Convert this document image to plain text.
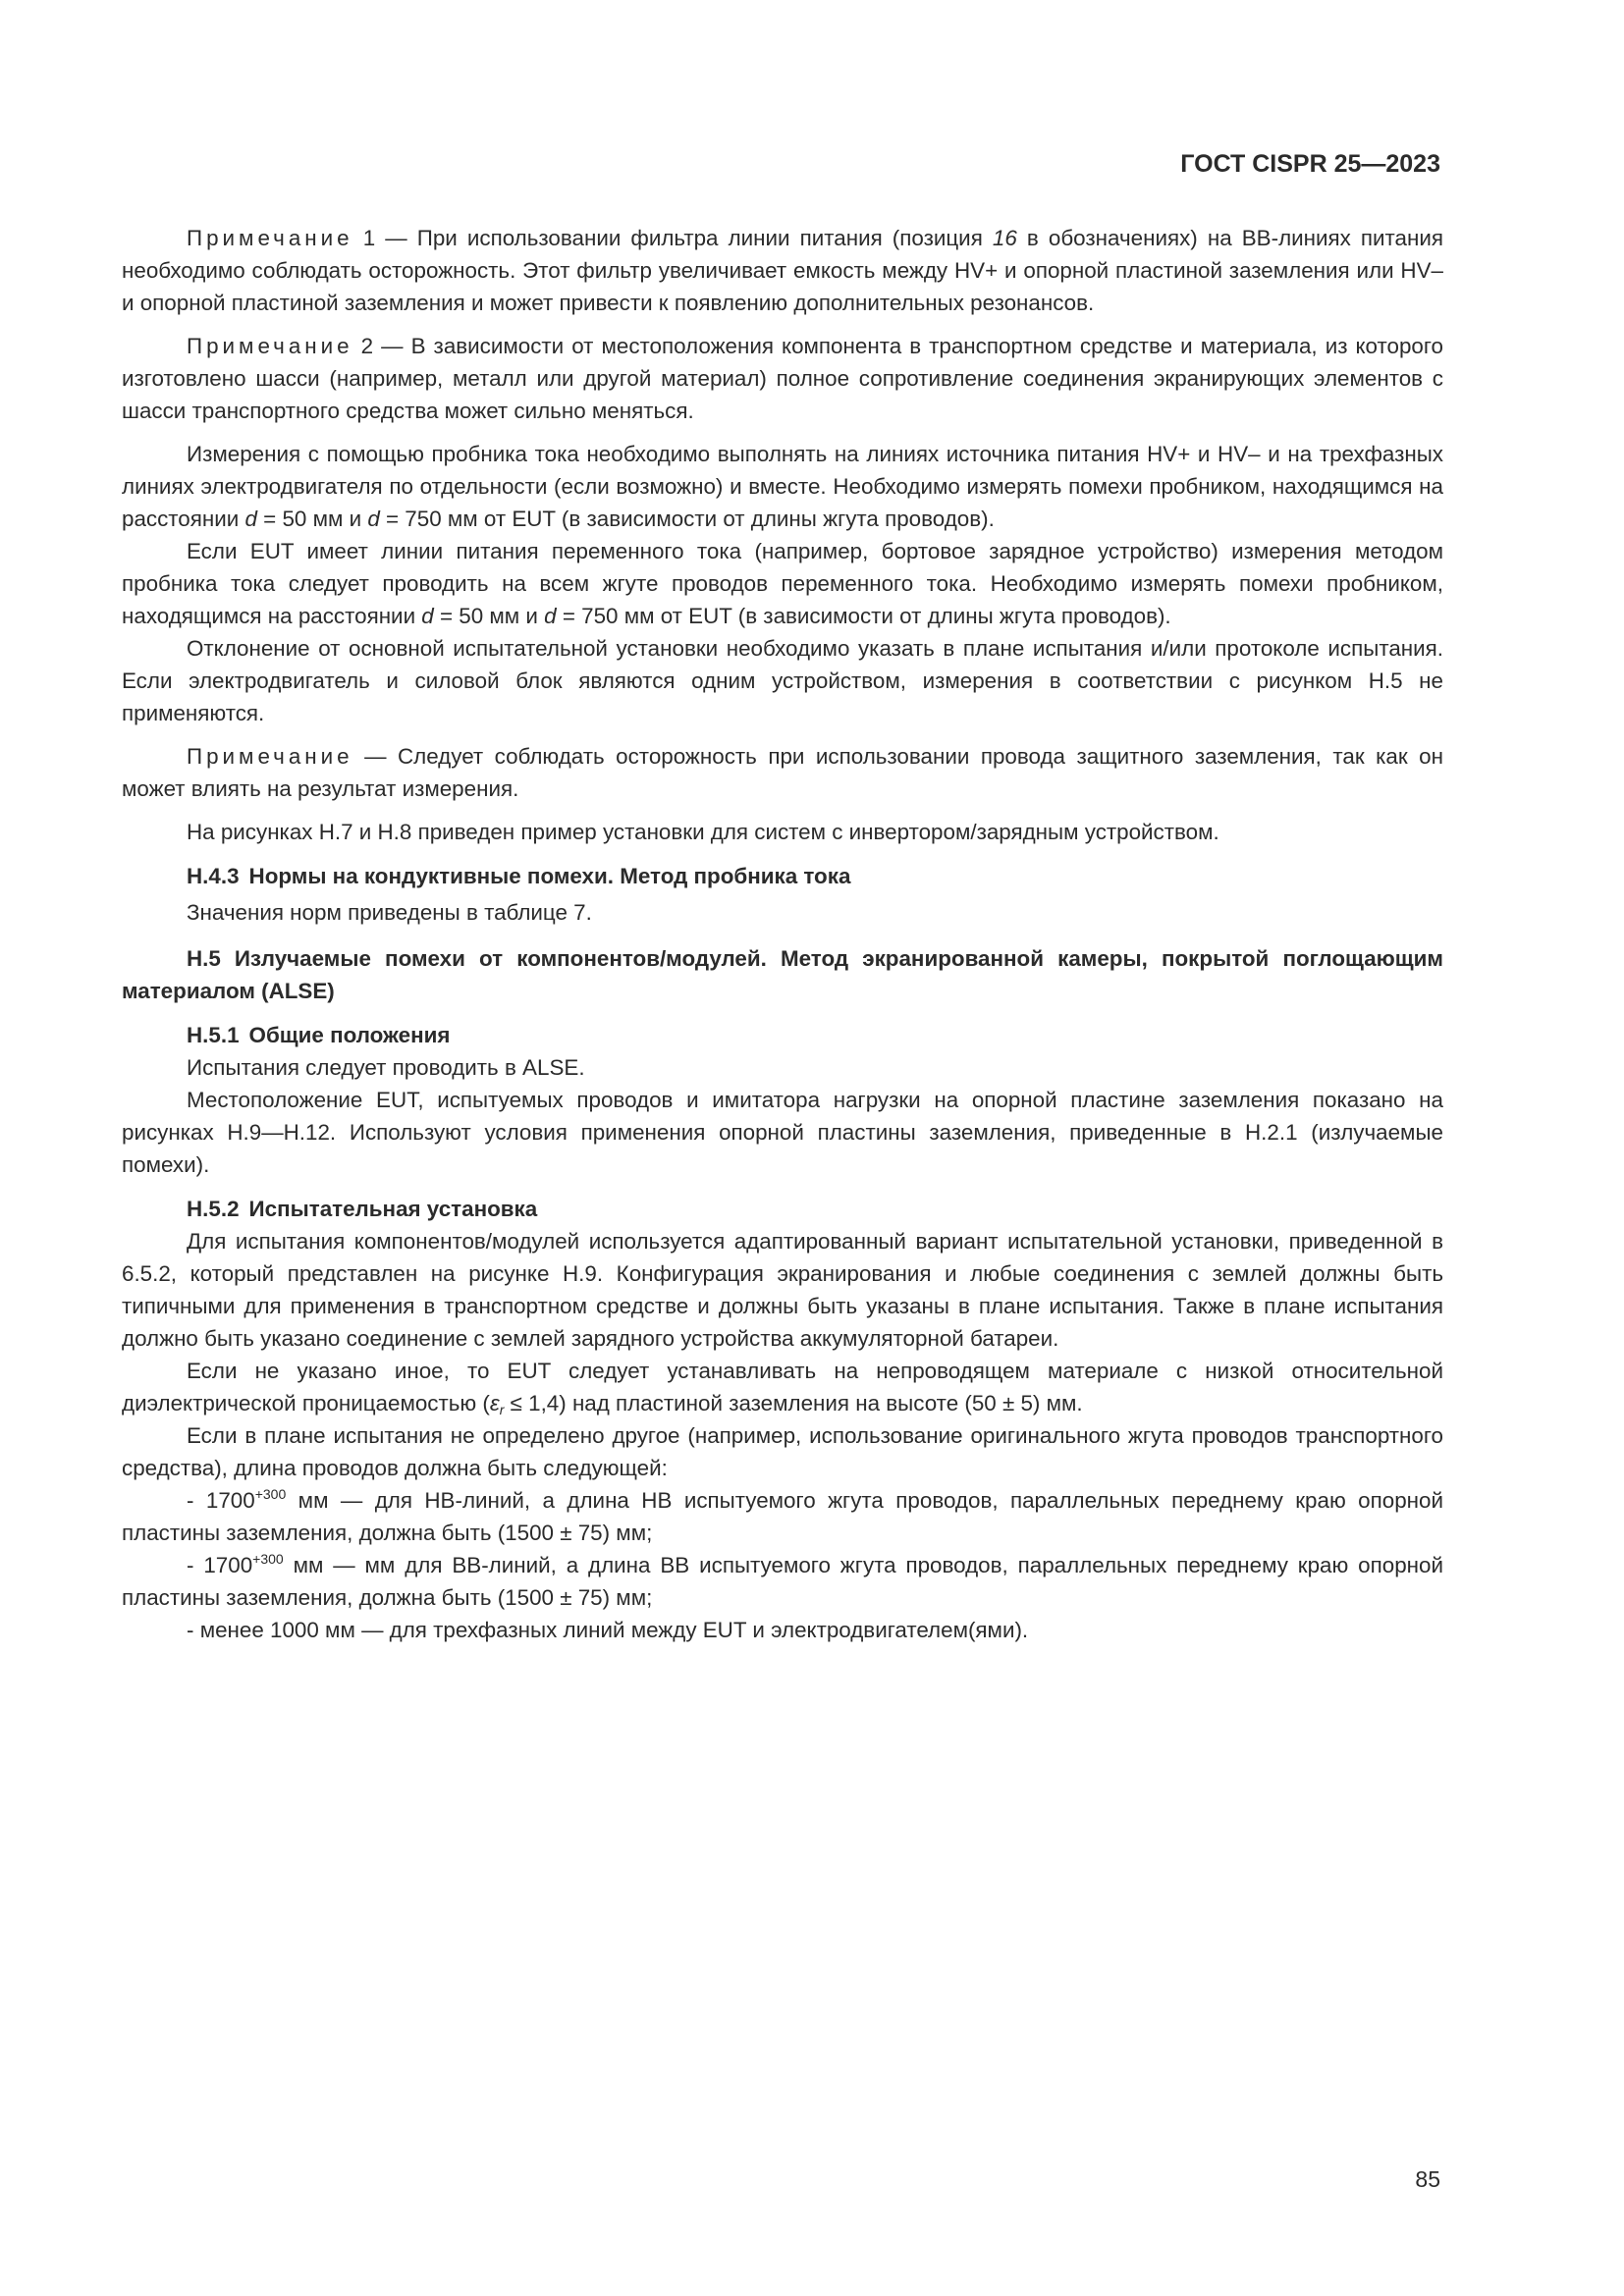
ГОСТ CISPR 25—2023

Примечание 1 — При использовании фильтра линии питания (позиция 16 в обозначениях) на ВВ-линиях питания необходимо соблюдать осторожность. Этот фильтр увеличивает емкость между HV+ и опорной пластиной заземления или HV– и опорной пластиной заземления и может привести к появлению дополнительных резонансов.

Примечание 2 — В зависимости от местоположения компонента в транспортном средстве и материала, из которого изготовлено шасси (например, металл или другой материал) полное сопротивление соединения экранирующих элементов с шасси транспортного средства может сильно меняться.

Измерения с помощью пробника тока необходимо выполнять на линиях источника питания HV+ и HV– и на трехфазных линиях электродвигателя по отдельности (если возможно) и вместе. Необходимо измерять помехи пробником, находящимся на расстоянии d = 50 мм и d = 750 мм от EUT (в зависимости от длины жгута проводов).

Если EUT имеет линии питания переменного тока (например, бортовое зарядное устройство) измерения методом пробника тока следует проводить на всем жгуте проводов переменного тока. Необходимо измерять помехи пробником, находящимся на расстоянии d = 50 мм и d = 750 мм от EUT (в зависимости от длины жгута проводов).

Отклонение от основной испытательной установки необходимо указать в плане испытания и/или протоколе испытания. Если электродвигатель и силовой блок являются одним устройством, измерения в соответствии с рисунком H.5 не применяются.

Примечание — Следует соблюдать осторожность при использовании провода защитного заземления, так как он может влиять на результат измерения.

На рисунках H.7 и H.8 приведен пример установки для систем с инвертором/зарядным устройством.

H.4.3 Нормы на кондуктивные помехи. Метод пробника тока

Значения норм приведены в таблице 7.

H.5 Излучаемые помехи от компонентов/модулей. Метод экранированной камеры, покрытой поглощающим материалом (ALSE)

H.5.1 Общие положения

Испытания следует проводить в ALSE.

Местоположение EUT, испытуемых проводов и имитатора нагрузки на опорной пластине заземления показано на рисунках H.9—H.12. Используют условия применения опорной пластины заземления, приведенные в H.2.1 (излучаемые помехи).

H.5.2 Испытательная установка

Для испытания компонентов/модулей используется адаптированный вариант испытательной установки, приведенной в 6.5.2, который представлен на рисунке H.9. Конфигурация экранирования и любые соединения с землей должны быть типичными для применения в транспортном средстве и должны быть указаны в плане испытания. Также в плане испытания должно быть указано соединение с землей зарядного устройства аккумуляторной батареи.

Если не указано иное, то EUT следует устанавливать на непроводящем материале с низкой относительной диэлектрической проницаемостью $(\varepsilon_r \le 1,4)$ над пластиной заземления на высоте (50 ± 5) мм.

Если в плане испытания не определено другое (например, использование оригинального жгута проводов транспортного средства), длина проводов должна быть следующей:

- $1700^{+300}$ мм — для НВ-линий, а длина НВ испытуемого жгута проводов, параллельных переднему краю опорной пластины заземления, должна быть (1500 ± 75) мм;

- $1700^{+300}$ мм — мм для ВВ-линий, а длина ВВ испытуемого жгута проводов, параллельных переднему краю опорной пластины заземления, должна быть (1500 ± 75) мм;

- менее 1000 мм — для трехфазных линий между EUT и электродвигателем(ями).

85
